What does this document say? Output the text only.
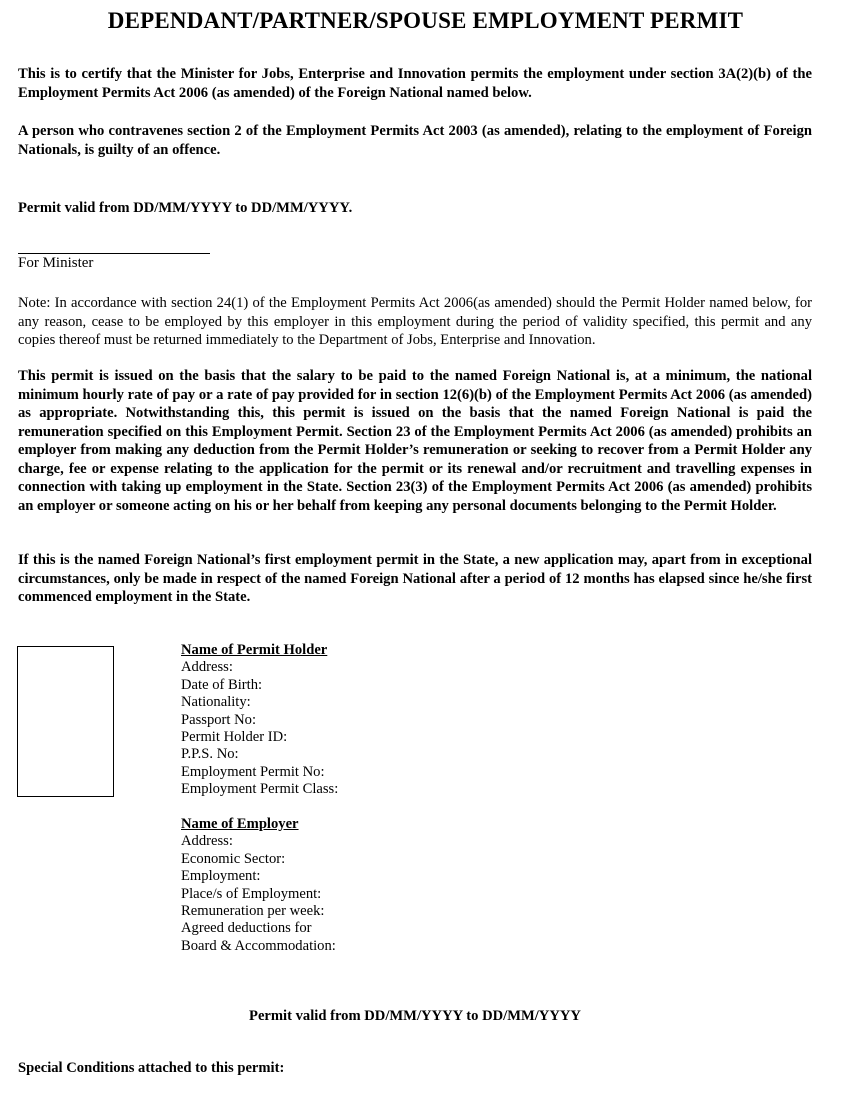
DEPENDANT/PARTNER/SPOUSE EMPLOYMENT PERMIT

This is to certify that the Minister for Jobs, Enterprise and Innovation permits the employment under section 3A(2)(b) of the Employment Permits Act 2006 (as amended) of the Foreign National named below.

A person who contravenes section 2 of the Employment Permits Act 2003 (as amended), relating to the employment of Foreign Nationals, is guilty of an offence.

Permit valid from DD/MM/YYYY to DD/MM/YYYY.

For Minister

Note: In accordance with section 24(1) of the Employment Permits Act 2006(as amended) should the Permit Holder named below, for any reason, cease to be employed by this employer in this employment during the period of validity specified, this permit and any copies thereof must be returned immediately to the Department of Jobs, Enterprise and Innovation.

This permit is issued on the basis that the salary to be paid to the named Foreign National is, at a minimum, the national minimum hourly rate of pay or a rate of pay provided for in section 12(6)(b) of the Employment Permits Act 2006 (as amended) as appropriate. Notwithstanding this, this permit is issued on the basis that the named Foreign National is paid the remuneration specified on this Employment Permit. Section 23 of the Employment Permits Act 2006 (as amended) prohibits an employer from making any deduction from the Permit Holder’s remuneration or seeking to recover from a Permit Holder any charge, fee or expense relating to the application for the permit or its renewal and/or recruitment and travelling expenses in connection with taking up employment in the State. Section 23(3) of the Employment Permits Act 2006 (as amended) prohibits an employer or someone acting on his or her behalf from keeping any personal documents belonging to the Permit Holder.

If this is the named Foreign National’s first employment permit in the State, a new application may, apart from in exceptional circumstances, only be made in respect of the named Foreign National after a period of 12 months has elapsed since he/she first commenced employment in the State.

Name of Permit Holder
Address:
Date of Birth:
Nationality:
Passport No:
Permit Holder ID:
P.P.S. No:
Employment Permit No:
Employment Permit Class:
Name of Employer
Address:
Economic Sector:
Employment:
Place/s of Employment:
Remuneration per week:
Agreed deductions for
Board & Accommodation:

Permit valid from DD/MM/YYYY to DD/MM/YYYY

Special Conditions attached to this permit:
